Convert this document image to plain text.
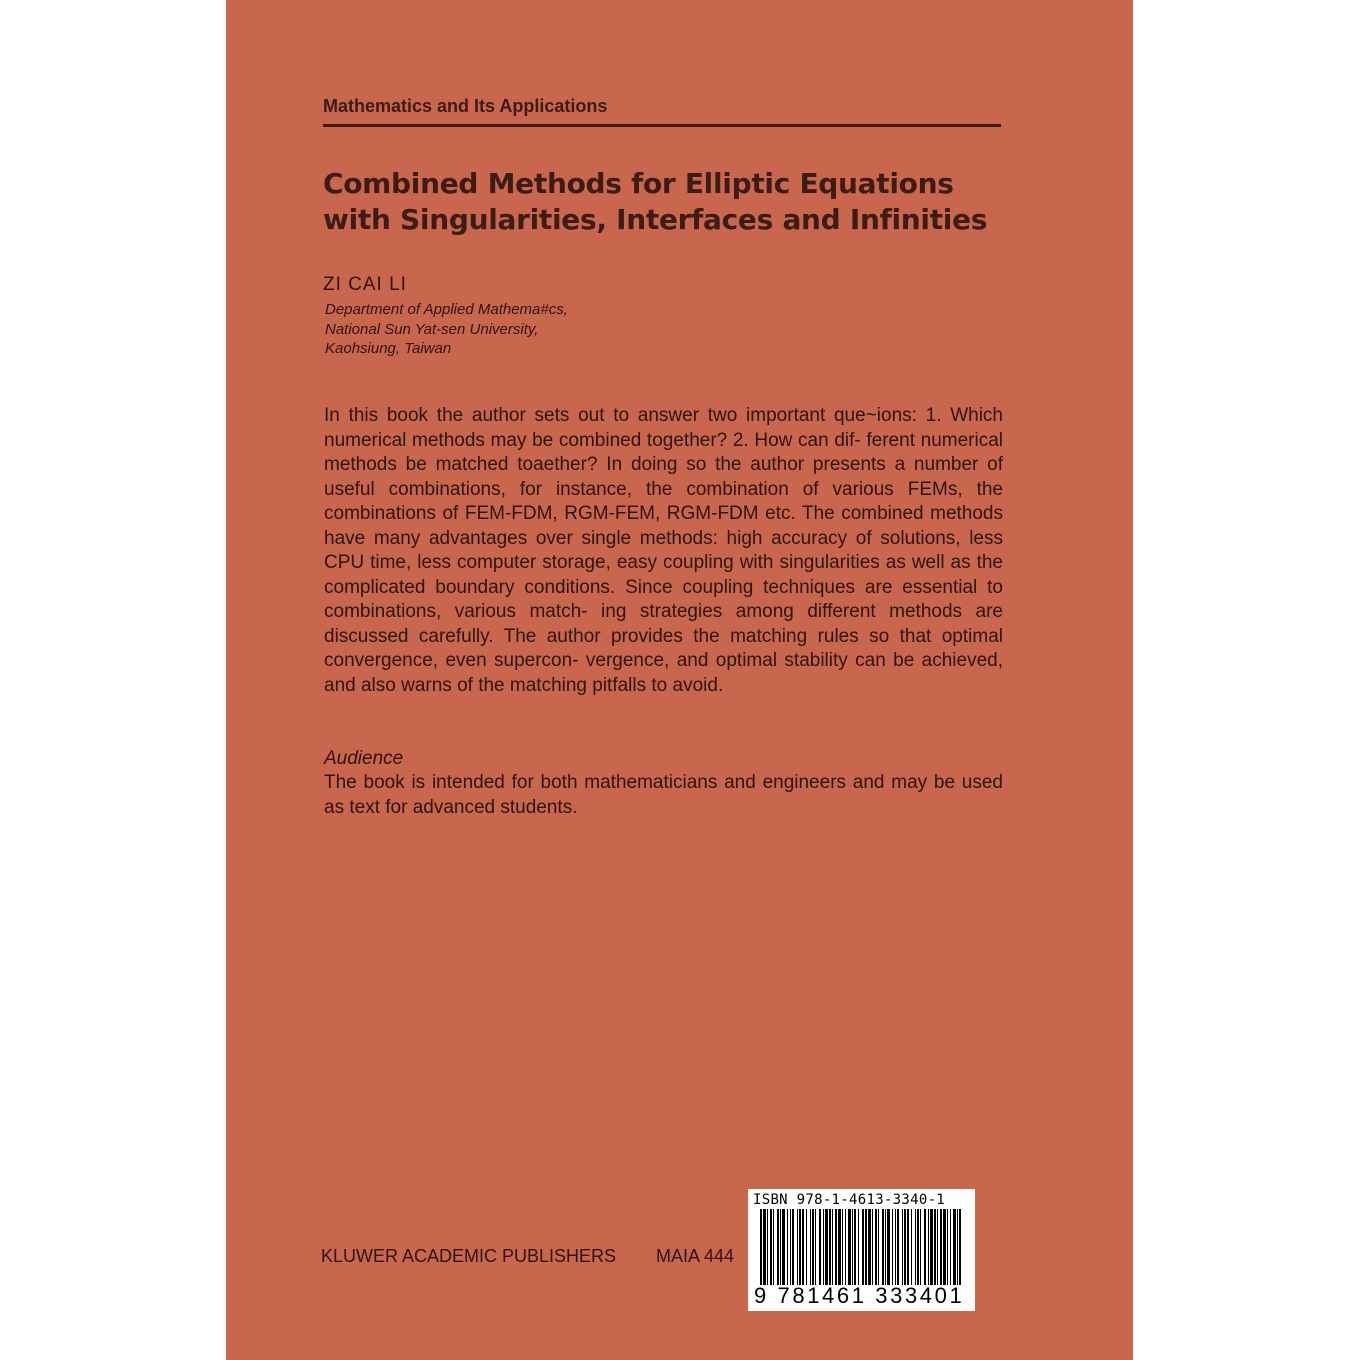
Mathematics and Its Applications
Combined Methods for Elliptic Equations
with Singularities, Interfaces and Infinities
ZI CAI LI
Department of Applied Mathema#cs,
National Sun Yat-sen University,
Kaohsiung, Taiwan

In this book the author sets out to answer two important que~ions: 1. Which numerical methods may be combined together? 2. How can dif- ferent numerical methods be matched toaether? In doing so the author presents a number of useful combinations, for instance, the combination of various FEMs, the combinations of FEM-FDM, RGM-FEM, RGM-FDM etc. The combined methods have many advantages over single methods: high accuracy of solutions, less CPU time, less computer storage, easy coupling with singularities as well as the complicated boundary conditions. Since coupling techniques are essential to combinations, various match- ing strategies among different methods are discussed carefully. The author provides the matching rules so that optimal convergence, even supercon- vergence, and optimal stability can be achieved, and also warns of the matching pitfalls to avoid.

Audience

The book is intended for both mathematicians and engineers and may be used as text for advanced students.

KLUWER ACADEMIC PUBLISHERS MAIA 444
ISBN 978-1-4613-3340-1
9 781461 333401
